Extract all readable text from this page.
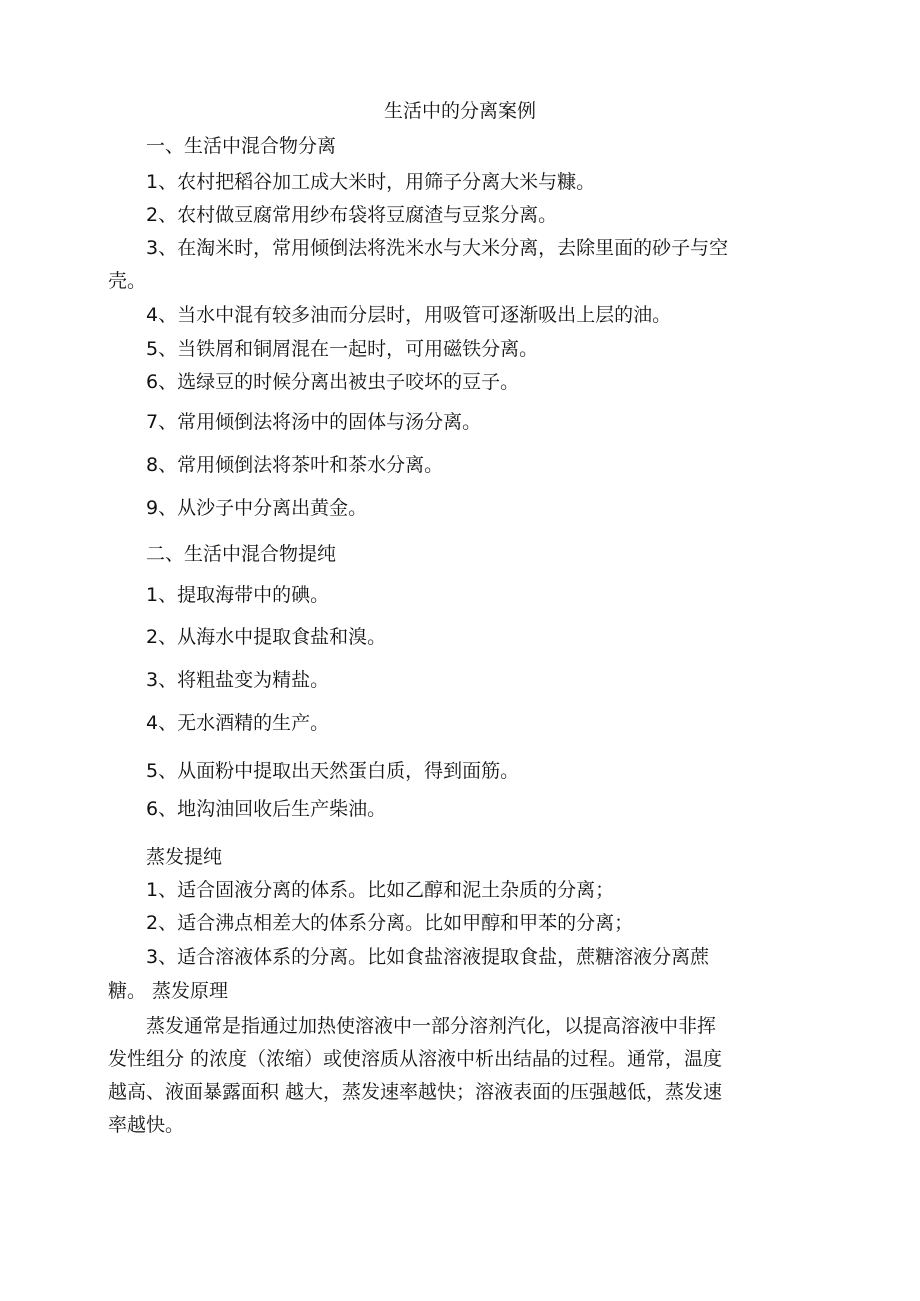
生活中的分离案例
一、生活中混合物分离
1、农村把稻谷加工成大米时，用筛子分离大米与糠。
2、农村做豆腐常用纱布袋将豆腐渣与豆浆分离。
3、在淘米时，常用倾倒法将洗米水与大米分离，去除里面的砂子与空
壳。
4、当水中混有较多油而分层时，用吸管可逐渐吸出上层的油。
5、当铁屑和铜屑混在一起时，可用磁铁分离。
6、选绿豆的时候分离出被虫子咬坏的豆子。
7、常用倾倒法将汤中的固体与汤分离。
8、常用倾倒法将茶叶和茶水分离。
9、从沙子中分离出黄金。
二、生活中混合物提纯
1、提取海带中的碘。
2、从海水中提取食盐和溴。
3、将粗盐变为精盐。
4、无水酒精的生产。
5、从面粉中提取出天然蛋白质，得到面筋。
6、地沟油回收后生产柴油。
蒸发提纯
1、适合固液分离的体系。比如乙醇和泥土杂质的分离；
2、适合沸点相差大的体系分离。比如甲醇和甲苯的分离；
3、适合溶液体系的分离。比如食盐溶液提取食盐，蔗糖溶液分离蔗
糖。 蒸发原理
蒸发通常是指通过加热使溶液中一部分溶剂汽化，以提高溶液中非挥
发性组分 的浓度（浓缩）或使溶质从溶液中析出结晶的过程。通常，温度
越高、液面暴露面积 越大，蒸发速率越快；溶液表面的压强越低，蒸发速
率越快。
